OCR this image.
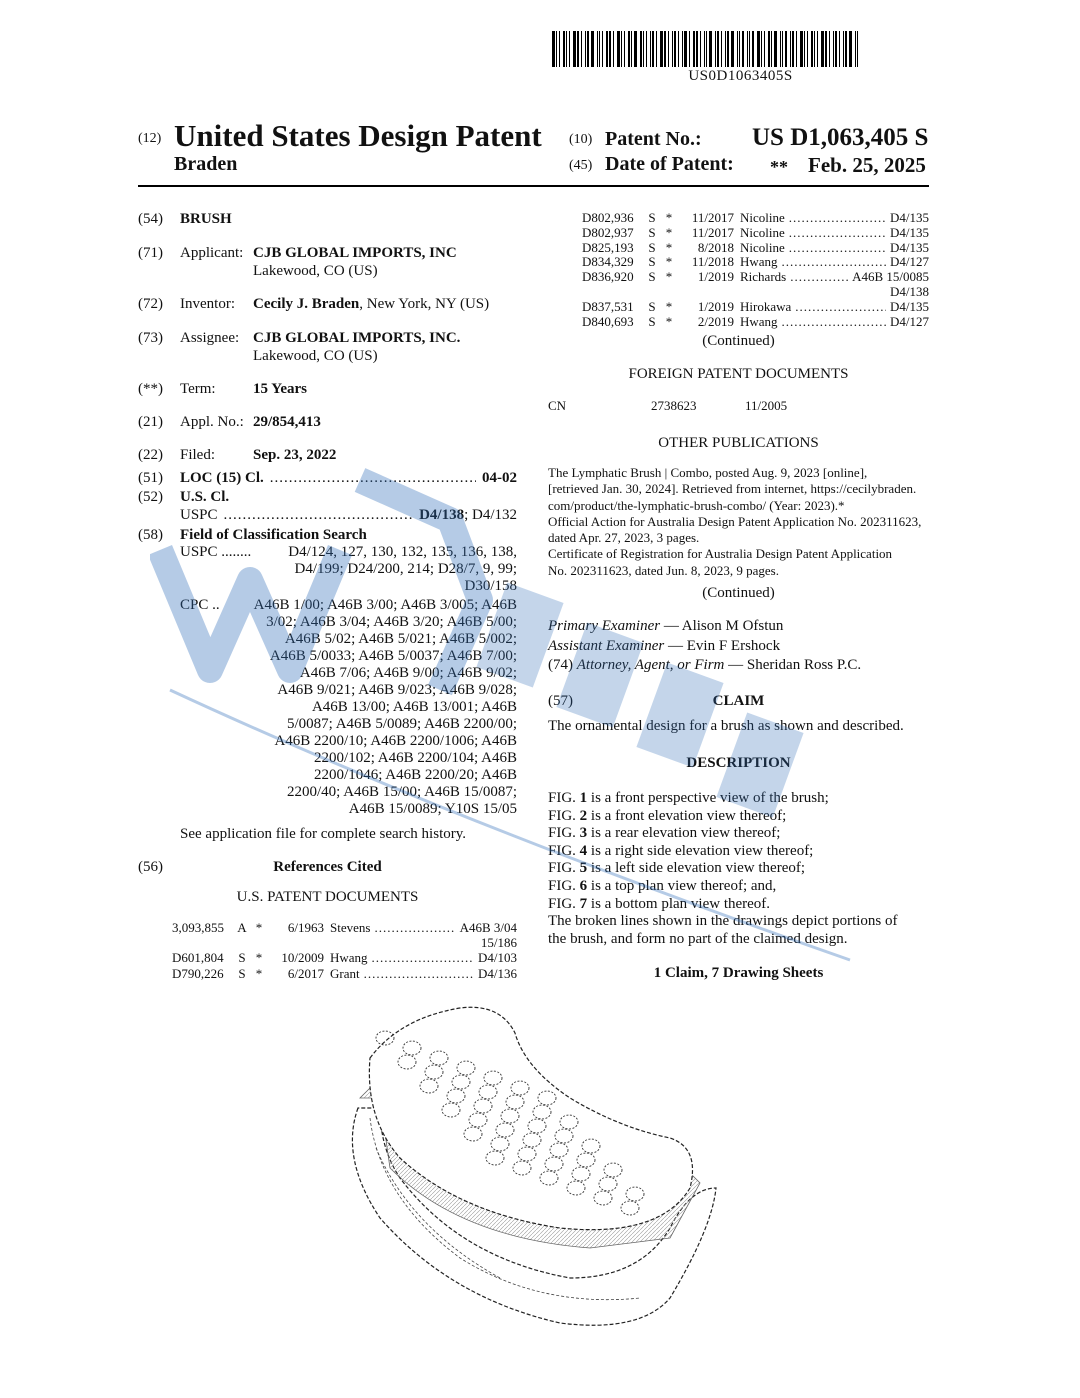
US0D1063405S
(12) United States Design Patent
Braden
(10) Patent No.: US D1,063,405 S
(45) Date of Patent: ** Feb. 25, 2025
(54) BRUSH
(71) Applicant: CJB GLOBAL IMPORTS, INC
Lakewood, CO (US)
(72) Inventor: Cecily J. Braden, New York, NY (US)
(73) Assignee: CJB GLOBAL IMPORTS, INC.
Lakewood, CO (US)
(**) Term: 15 Years
(21) Appl. No.: 29/854,413
(22) Filed:	Sep. 23, 2022
(51) LOC (15) Cl. .....	04-02
(52) U.S. Cl.
USPC .....	D4/138 ; D4/132
(58) Field of Classification Search
USPC ........	D4/124, 127, 130, 132, 135, 136, 138,
D4/199; D24/200, 214; D28/7, 9, 99;
D30/158
CPC ..	A46B 1/00; A46B 3/00; A46B 3/005; A46B
3/02; A46B 3/04; A46B 3/20; A46B 5/00;
A46B 5/02; A46B 5/021; A46B 5/002;
A46B 5/0033; A46B 5/0037; A46B 7/00;
A46B 7/06; A46B 9/00; A46B 9/02;
A46B 9/021; A46B 9/023; A46B 9/028;
A46B 13/00; A46B 13/001; A46B
5/0087; A46B 5/0089; A46B 2200/00;
A46B 2200/10; A46B 2200/1006; A46B
2200/102; A46B 2200/104; A46B
2200/1046; A46B 2200/20; A46B
2200/40; A46B 15/00; A46B 15/0087;
A46B 15/0089; Y10S 15/05
See application file for complete search history.
(56)	References Cited
U.S. PATENT DOCUMENTS
3,093,855	A *	6/1963 Stevens .....	A46B 3/04
15/186
D601,804	S *	10/2009 Hwang .....	D4/103
D790,226	S *	6/2017 Grant .....	D4/136
D802,936	S *	11/2017 Nicoline .....	D4/135
D802,937	S *	11/2017 Nicoline .....	D4/135
D825,193	S *	8/2018 Nicoline .....	D4/135
D834,329	S *	11/2018 Hwang .....	D4/127
D836,920	S *	1/2019 Richards .....	A46B 15/0085
D4/138
D837,531	S *	1/2019 Hirokawa .....	D4/135
D840,693	S *	2/2019 Hwang .....	D4/127
(Continued)
FOREIGN PATENT DOCUMENTS
CN	2738623	11/2005
OTHER PUBLICATIONS
The Lymphatic Brush | Combo, posted Aug. 9, 2023 [online],
[retrieved Jan. 30, 2024]. Retrieved from internet, https://cecilybraden.
com/product/the-lymphatic-brush-combo/ (Year: 2023).*
Official Action for Australia Design Patent Application No. 202311623,
dated Apr. 27, 2023, 3 pages.
Certificate of Registration for Australia Design Patent Application
No. 202311623, dated Jun. 8, 2023, 9 pages.
(Continued)
Primary Examiner — Alison M Ofstun
Assistant Examiner — Evin F Ershock
(74) Attorney, Agent, or Firm — Sheridan Ross P.C.
(57)	CLAIM
The ornamental design for a brush as shown and described.
DESCRIPTION
FIG. 1 is a front perspective view of the brush;
FIG. 2 is a front elevation view thereof;
FIG. 3 is a rear elevation view thereof;
FIG. 4 is a right side elevation view thereof;
FIG. 5 is a left side elevation view thereof;
FIG. 6 is a top plan view thereof; and,
FIG. 7 is a bottom plan view thereof.
The broken lines shown in the drawings depict portions of
the brush, and form no part of the claimed design.
1 Claim, 7 Drawing Sheets
